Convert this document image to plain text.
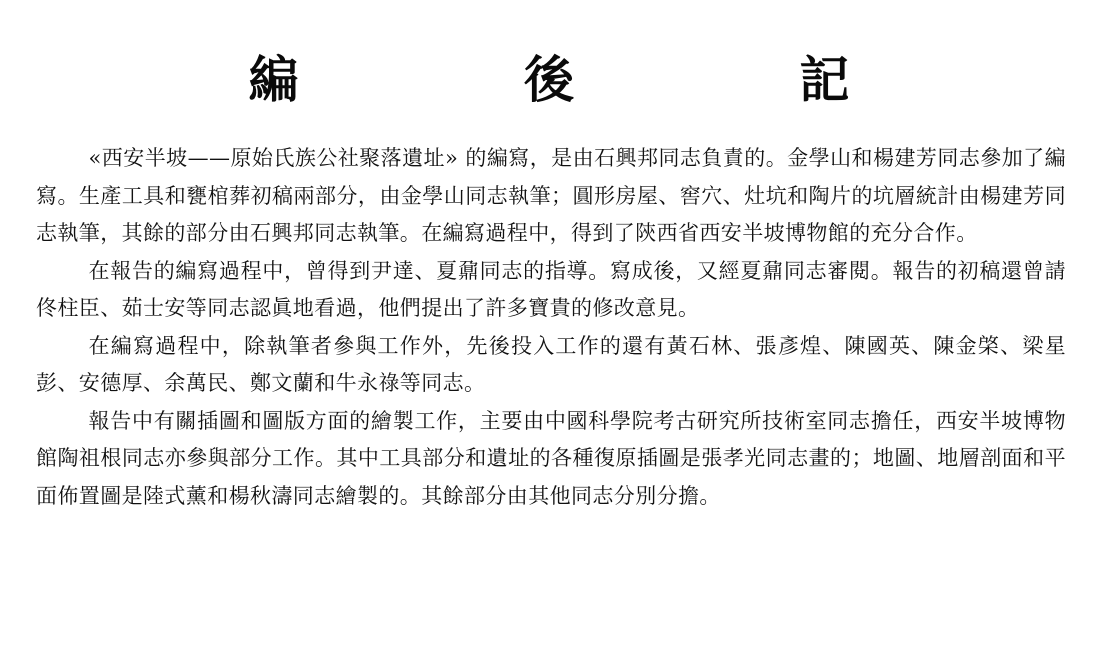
編 後 記

«西安半坡——原始氏族公社聚落遺址» 的編寫，是由石興邦同志負責的。金學山和楊建芳同志參加了編寫。生產工具和甕棺葬初稿兩部分，由金學山同志執筆；圓形房屋、窖穴、灶坑和陶片的坑層統計由楊建芳同志執筆，其餘的部分由石興邦同志執筆。在編寫過程中，得到了陝西省西安半坡博物館的充分合作。

在報告的編寫過程中，曾得到尹達、夏鼐同志的指導。寫成後，又經夏鼐同志審閱。報告的初稿還曾請佟柱臣、茹士安等同志認眞地看過，他們提出了許多寶貴的修改意見。

在編寫過程中，除執筆者參與工作外，先後投入工作的還有黃石林、張彥煌、陳國英、陳金棨、梁星彭、安德厚、余萬民、鄭文蘭和牛永祿等同志。

報告中有關插圖和圖版方面的繪製工作，主要由中國科學院考古研究所技術室同志擔任，西安半坡博物館陶祖根同志亦參與部分工作。其中工具部分和遺址的各種復原插圖是張孝光同志畫的；地圖、地層剖面和平面佈置圖是陸式薰和楊秋濤同志繪製的。其餘部分由其他同志分別分擔。
